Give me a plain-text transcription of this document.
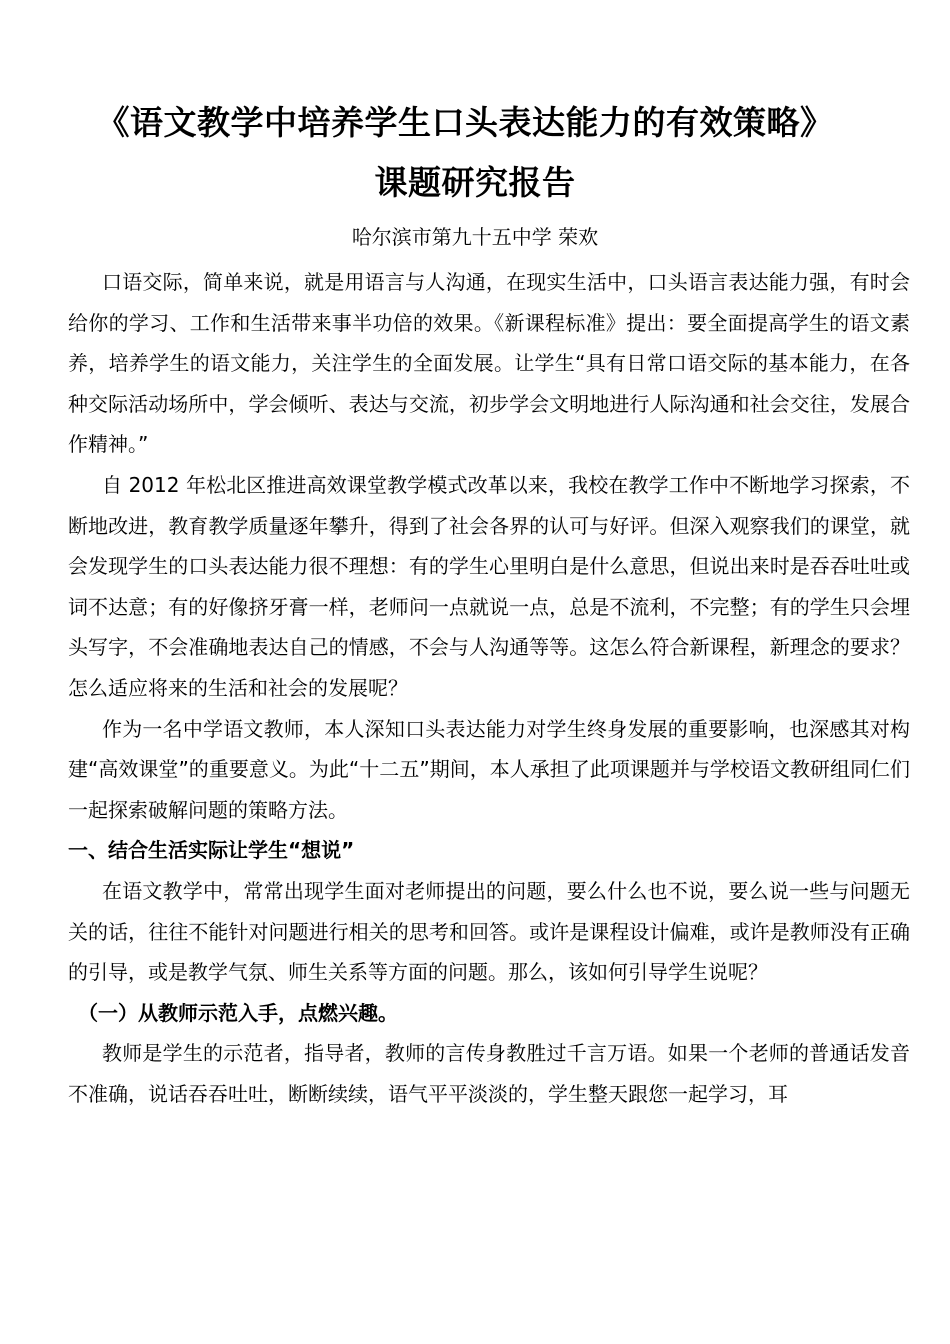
《语文教学中培养学生口头表达能力的有效策略》
课题研究报告
哈尔滨市第九十五中学 荣欢

口语交际，简单来说，就是用语言与人沟通，在现实生活中，口头语言表达能力强，有时会给你的学习、工作和生活带来事半功倍的效果。《新课程标准》提出：要全面提高学生的语文素养，培养学生的语文能力，关注学生的全面发展。让学生“具有日常口语交际的基本能力，在各种交际活动场所中，学会倾听、表达与交流，初步学会文明地进行人际沟通和社会交往，发展合作精神。”

自 2012 年松北区推进高效课堂教学模式改革以来，我校在教学工作中不断地学习探索，不断地改进，教育教学质量逐年攀升，得到了社会各界的认可与好评。但深入观察我们的课堂，就会发现学生的口头表达能力很不理想：有的学生心里明白是什么意思，但说出来时是吞吞吐吐或词不达意；有的好像挤牙膏一样，老师问一点就说一点，总是不流利，不完整；有的学生只会埋头写字，不会准确地表达自己的情感，不会与人沟通等等。这怎么符合新课程，新理念的要求？怎么适应将来的生活和社会的发展呢？

作为一名中学语文教师，本人深知口头表达能力对学生终身发展的重要影响，也深感其对构建“高效课堂”的重要意义。为此“十二五”期间，本人承担了此项课题并与学校语文教研组同仁们一起探索破解问题的策略方法。

一、结合生活实际让学生“想说”

在语文教学中，常常出现学生面对老师提出的问题，要么什么也不说，要么说一些与问题无关的话，往往不能针对问题进行相关的思考和回答。或许是课程设计偏难，或许是教师没有正确的引导，或是教学气氛、师生关系等方面的问题。那么，该如何引导学生说呢？

（一）从教师示范入手，点燃兴趣。

教师是学生的示范者，指导者，教师的言传身教胜过千言万语。如果一个老师的普通话发音不准确，说话吞吞吐吐，断断续续，语气平平淡淡的，学生整天跟您一起学习，耳
